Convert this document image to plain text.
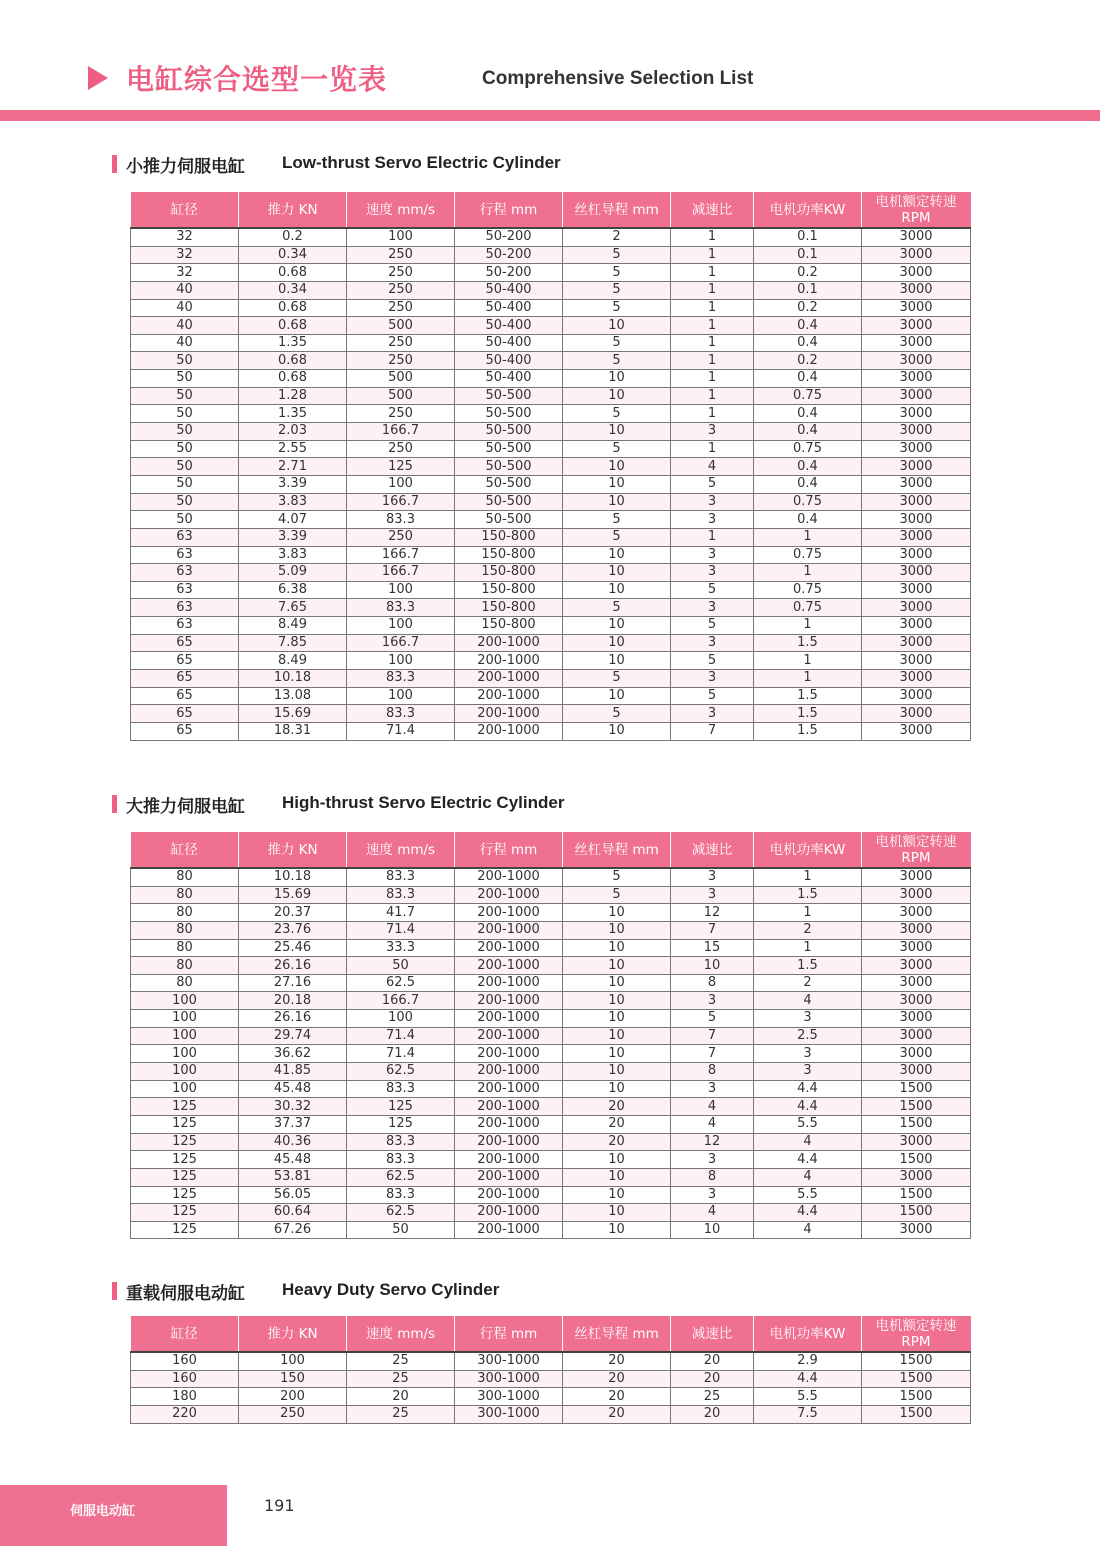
电缸综合选型一览表	Comprehensive Selection List
小推力伺服电缸 Low-thrust Servo Electric Cylinder
缸径	推力 KN	速度 mm/s	行程 mm	丝杠导程 mm	减速比	电机功率KW	电机额定转速
RPM

32	0.2	100	50-200	2	1	0.1	3000
32	0.34	250	50-200	5	1	0.1	3000
32	0.68	250	50-200	5	1	0.2	3000
40	0.34	250	50-400	5	1	0.1	3000
40	0.68	250	50-400	5	1	0.2	3000
40	0.68	500	50-400	10	1	0.4	3000
40	1.35	250	50-400	5	1	0.4	3000
50	0.68	250	50-400	5	1	0.2	3000
50	0.68	500	50-400	10	1	0.4	3000
50	1.28	500	50-500	10	1	0.75	3000
50	1.35	250	50-500	5	1	0.4	3000
50	2.03	166.7	50-500	10	3	0.4	3000
50	2.55	250	50-500	5	1	0.75	3000
50	2.71	125	50-500	10	4	0.4	3000
50	3.39	100	50-500	10	5	0.4	3000
50	3.83	166.7	50-500	10	3	0.75	3000
50	4.07	83.3	50-500	5	3	0.4	3000
63	3.39	250	150-800	5	1	1	3000
63	3.83	166.7	150-800	10	3	0.75	3000
63	5.09	166.7	150-800	10	3	1	3000
63	6.38	100	150-800	10	5	0.75	3000
63	7.65	83.3	150-800	5	3	0.75	3000
63	8.49	100	150-800	10	5	1	3000
65	7.85	166.7	200-1000	10	3	1.5	3000
65	8.49	100	200-1000	10	5	1	3000
65	10.18	83.3	200-1000	5	3	1	3000
65	13.08	100	200-1000	10	5	1.5	3000
65	15.69	83.3	200-1000	5	3	1.5	3000
65	18.31	71.4	200-1000	10	7	1.5	3000
大推力伺服电缸 High-thrust Servo Electric Cylinder
缸径	推力 KN	速度 mm/s	行程 mm	丝杠导程 mm	减速比	电机功率KW	电机额定转速
RPM

80	10.18	83.3	200-1000	5	3	1	3000
80	15.69	83.3	200-1000	5	3	1.5	3000
80	20.37	41.7	200-1000	10	12	1	3000
80	23.76	71.4	200-1000	10	7	2	3000
80	25.46	33.3	200-1000	10	15	1	3000
80	26.16	50	200-1000	10	10	1.5	3000
80	27.16	62.5	200-1000	10	8	2	3000
100	20.18	166.7	200-1000	10	3	4	3000
100	26.16	100	200-1000	10	5	3	3000
100	29.74	71.4	200-1000	10	7	2.5	3000
100	36.62	71.4	200-1000	10	7	3	3000
100	41.85	62.5	200-1000	10	8	3	3000
100	45.48	83.3	200-1000	10	3	4.4	1500
125	30.32	125	200-1000	20	4	4.4	1500
125	37.37	125	200-1000	20	4	5.5	1500
125	40.36	83.3	200-1000	20	12	4	3000
125	45.48	83.3	200-1000	10	3	4.4	1500
125	53.81	62.5	200-1000	10	8	4	3000
125	56.05	83.3	200-1000	10	3	5.5	1500
125	60.64	62.5	200-1000	10	4	4.4	1500
125	67.26	50	200-1000	10	10	4	3000
重载伺服电动缸 Heavy Duty Servo Cylinder
缸径	推力 KN	速度 mm/s	行程 mm	丝杠导程 mm	减速比	电机功率KW	电机额定转速
RPM

160	100	25	300-1000	20	20	2.9	1500
160	150	25	300-1000	20	20	4.4	1500
180	200	20	300-1000	20	25	5.5	1500
220	250	25	300-1000	20	20	7.5	1500
伺服电动缸	191
